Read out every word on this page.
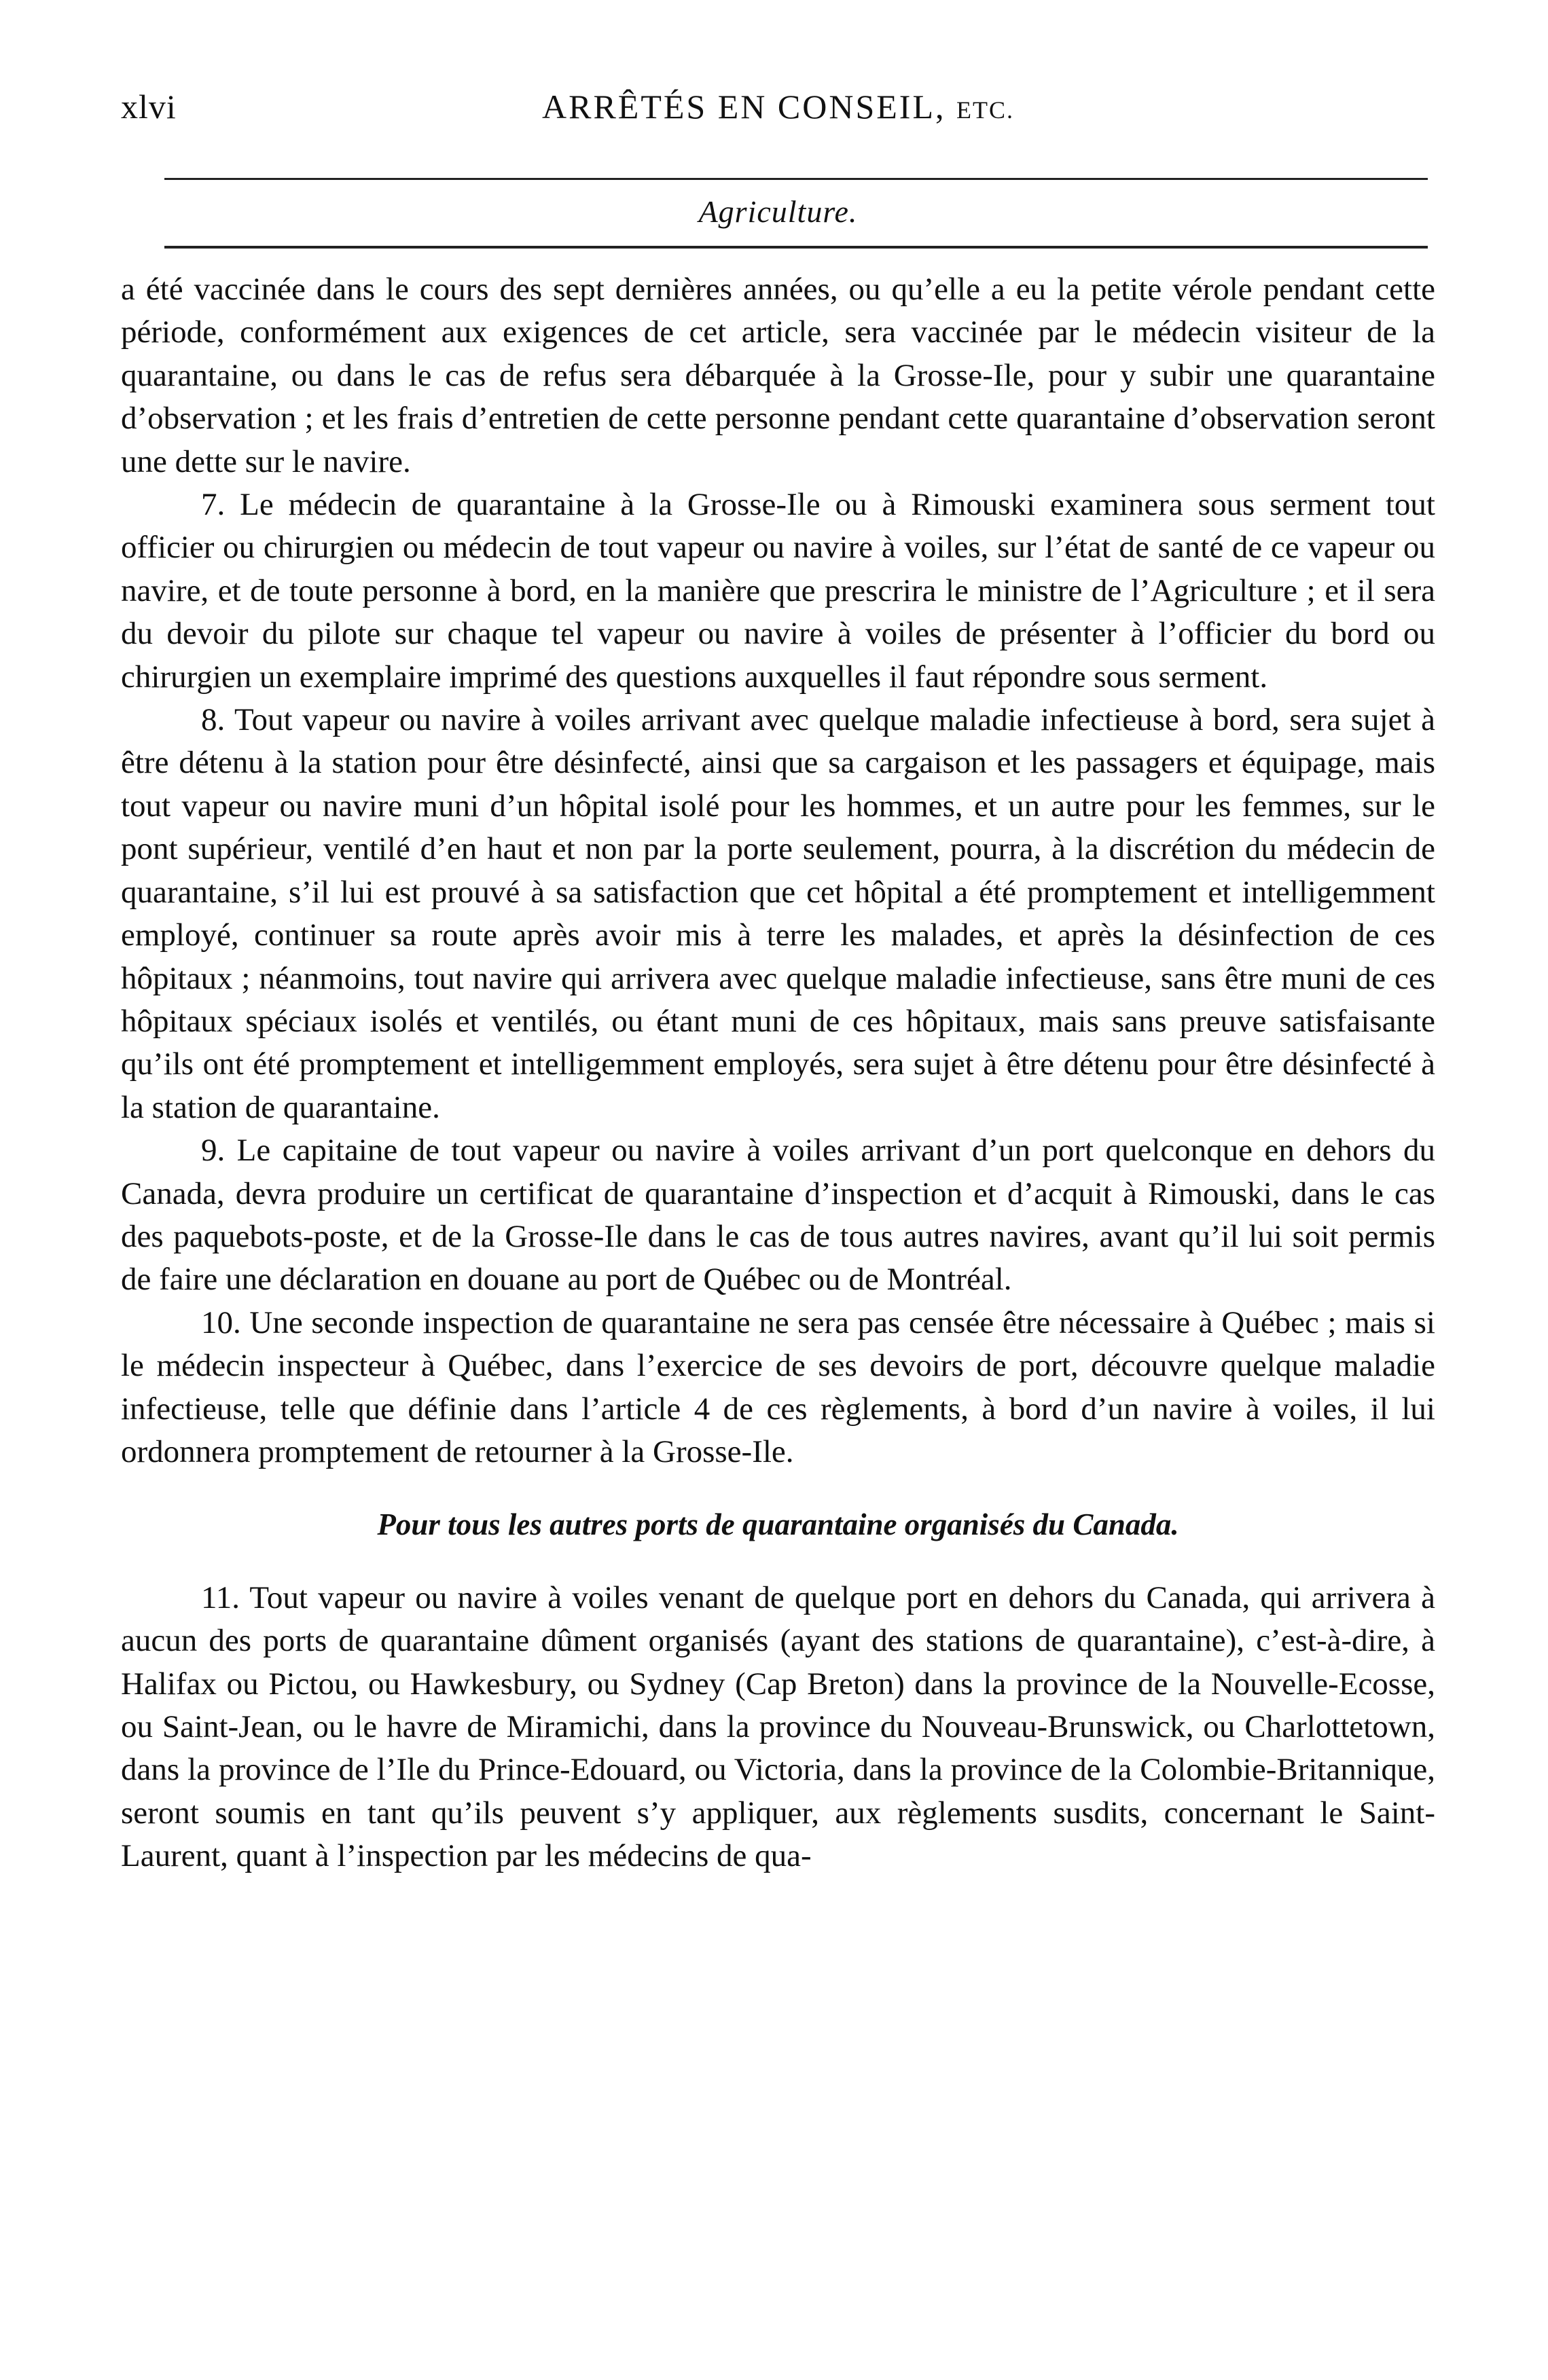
xlvi	ARRÊTÉS EN CONSEIL, ETC.
Agriculture.

a été vaccinée dans le cours des sept dernières années, ou qu’elle a eu la petite vérole pendant cette période, conformément aux exigences de cet article, sera vaccinée par le médecin visiteur de la quarantaine, ou dans le cas de refus sera débarquée à la Grosse-Ile, pour y subir une quarantaine d’observation ; et les frais d’entretien de cette personne pendant cette quarantaine d’observation seront une dette sur le navire.

7. Le médecin de quarantaine à la Grosse-Ile ou à Rimouski examinera sous serment tout officier ou chirurgien ou médecin de tout vapeur ou navire à voiles, sur l’état de santé de ce vapeur ou navire, et de toute personne à bord, en la manière que prescrira le ministre de l’Agriculture ; et il sera du devoir du pilote sur chaque tel vapeur ou navire à voiles de présenter à l’officier du bord ou chirurgien un exemplaire imprimé des questions auxquelles il faut répondre sous serment.

8. Tout vapeur ou navire à voiles arrivant avec quelque maladie infectieuse à bord, sera sujet à être détenu à la station pour être désinfecté, ainsi que sa cargaison et les passagers et équipage, mais tout vapeur ou navire muni d’un hôpital isolé pour les hommes, et un autre pour les femmes, sur le pont supérieur, ventilé d’en haut et non par la porte seulement, pourra, à la discrétion du médecin de quarantaine, s’il lui est prouvé à sa satisfaction que cet hôpital a été promptement et intelligemment employé, continuer sa route après avoir mis à terre les malades, et après la désinfection de ces hôpitaux ; néanmoins, tout navire qui arrivera avec quelque maladie infectieuse, sans être muni de ces hôpitaux spéciaux isolés et ventilés, ou étant muni de ces hôpitaux, mais sans preuve satisfaisante qu’ils ont été promptement et intelligemment employés, sera sujet à être détenu pour être désinfecté à la station de quarantaine.

9. Le capitaine de tout vapeur ou navire à voiles arrivant d’un port quelconque en dehors du Canada, devra produire un certificat de quarantaine d’inspection et d’acquit à Rimouski, dans le cas des paquebots-poste, et de la Grosse-Ile dans le cas de tous autres navires, avant qu’il lui soit permis de faire une déclaration en douane au port de Québec ou de Montréal.

10. Une seconde inspection de quarantaine ne sera pas censée être nécessaire à Québec ; mais si le médecin inspecteur à Québec, dans l’exercice de ses devoirs de port, découvre quelque maladie infectieuse, telle que définie dans l’article 4 de ces règlements, à bord d’un navire à voiles, il lui ordonnera promptement de retourner à la Grosse-Ile.

Pour tous les autres ports de quarantaine organisés du Canada.

11. Tout vapeur ou navire à voiles venant de quelque port en dehors du Canada, qui arrivera à aucun des ports de quarantaine dûment organisés (ayant des stations de quarantaine), c’est-à-dire, à Halifax ou Pictou, ou Hawkesbury, ou Sydney (Cap Breton) dans la province de la Nouvelle-Ecosse, ou Saint-Jean, ou le havre de Miramichi, dans la province du Nouveau-Brunswick, ou Charlottetown, dans la province de l’Ile du Prince-Edouard, ou Victoria, dans la province de la Colombie-Britannique, seront soumis en tant qu’ils peuvent s’y appliquer, aux règlements susdits, concernant le Saint-Laurent, quant à l’inspection par les médecins de qua-
